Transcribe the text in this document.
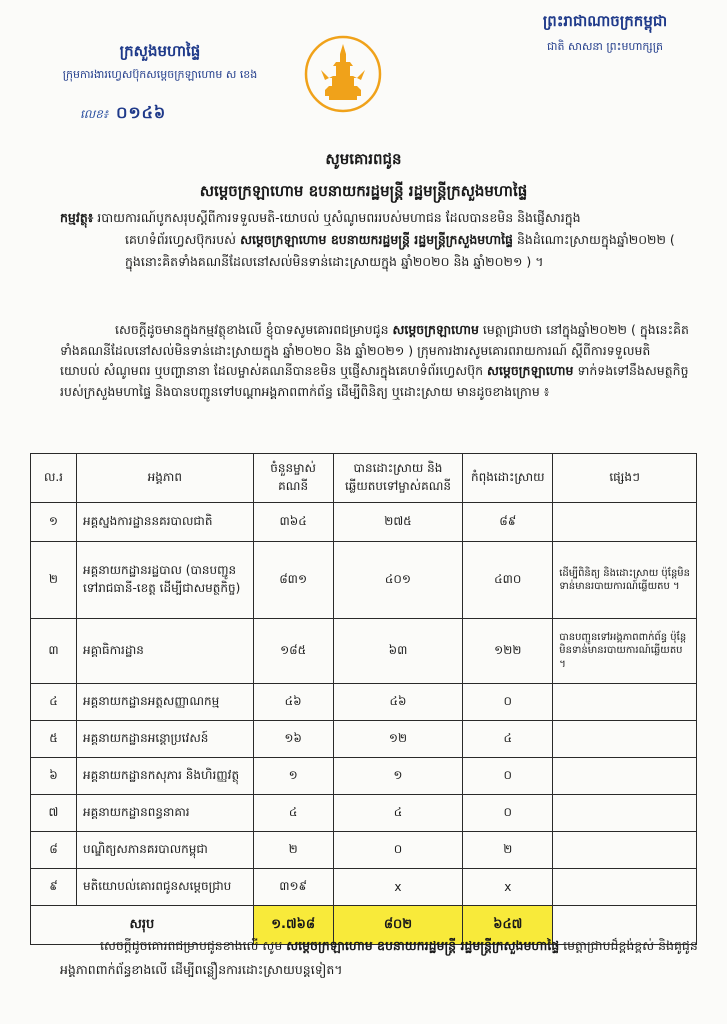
ក្រសួងមហាផ្ទៃ
ក្រុមការងារហ្វេសប៊ុកសម្តេចក្រឡាហោម ស ខេង
លេខ៖ ០១៤៦
ព្រះរាជាណាចក្រកម្ពុជា
ជាតិ សាសនា ព្រះមហាក្សត្រ
សូមគោរពជូន
សម្តេចក្រឡាហោម ឧបនាយករដ្ឋមន្ត្រី រដ្ឋមន្ត្រីក្រសួងមហាផ្ទៃ
កម្មវត្ថុ៖ របាយការណ៍បូកសរុបស្តីពីការទទួលមតិ-យោបល់ ឬសំណូមពររបស់មហាជន ដែលបានខមិន និងផ្ញើសារក្នុង
គេហទំព័រហ្វេសប៊ុករបស់ សម្តេចក្រឡាហោម ឧបនាយករដ្ឋមន្ត្រី រដ្ឋមន្ត្រីក្រសួងមហាផ្ទៃ និងដំណោះស្រាយក្នុងឆ្នាំ២០២២ ( ក្នុងនោះគិតទាំងគណនីដែលនៅសល់មិនទាន់ដោះស្រាយក្នុង ឆ្នាំ២០២០ និង ឆ្នាំ២០២១ ) ។
សេចក្តីដូចមានក្នុងកម្មវត្ថុខាងលើ ខ្ញុំបាទសូមគោរពជម្រាបជូន សម្តេចក្រឡាហោម មេត្តាជ្រាបថា នៅក្នុងឆ្នាំ២០២២ ( ក្នុងនេះគិតទាំងគណនីដែលនៅសល់មិនទាន់ដោះស្រាយក្នុង ឆ្នាំ២០២០ និង ឆ្នាំ២០២១ ) ក្រុមការងារសូមគោរពរាយការណ៍ ស្តីពីការទទួលមតិ យោបល់ សំណូមពរ ឬបញ្ហានានា ដែលម្ចាស់គណនីបានខមិន ឬផ្ញើសារក្នុងគេហទំព័រហ្វេសប៊ុក សម្តេចក្រឡាហោម ទាក់ទងទៅនឹងសមត្ថកិច្ចរបស់ក្រសួងមហាផ្ទៃ និងបានបញ្ជូនទៅបណ្តាអង្គភាពពាក់ព័ន្ធ ដើម្បីពិនិត្យ ឬដោះស្រាយ មានដូចខាងក្រោម ៖
ល.រ	អង្គភាព	ចំនួនម្ចាស់គណនី	បានដោះស្រាយ និងឆ្លើយតបទៅម្ចាស់គណនី	កំពុងដោះស្រាយ	ផ្សេងៗ
១	អគ្គស្នងការដ្ឋាននគរបាលជាតិ	៣៦៤	២៧៥	៨៩	
២	អគ្គនាយកដ្ឋានរដ្ឋបាល (បានបញ្ជូនទៅរាជធានី-ខេត្ត ដើម្បីជាសមត្ថកិច្ច)	៨៣១	៤០១	៤៣០	ដើម្បីពិនិត្យ និងដោះស្រាយ ប៉ុន្តែមិនទាន់មានរបាយការណ៍ឆ្លើយតប ។
៣	អគ្គាធិការដ្ឋាន	១៨៥	៦៣	១២២	បានបញ្ជូនទៅអង្គភាពពាក់ព័ន្ធ ប៉ុន្តែមិនទាន់មានរបាយការណ៍ឆ្លើយតប ។
៤	អគ្គនាយកដ្ឋានអត្តសញ្ញាណកម្ម	៤៦	៤៦	០	
៥	អគ្គនាយកដ្ឋានអន្តោប្រវេសន៍	១៦	១២	៤	
៦	អគ្គនាយកដ្ឋានកសុភារ និងហិរញ្ញវត្ថុ	១	១	០	
៧	អគ្គនាយកដ្ឋានពន្ធនាគារ	៤	៤	០	
៨	បណ្ឌិត្យសភានគរបាលកម្ពុជា	២	០	២	
៩	មតិយោបល់គោរពជូនសម្តេចជ្រាប	៣១៩	x	x	
សរុប		១.៧៦៨	៨០២	៦៤៧	
សេចក្តីដូចគោរពជម្រាបជូនខាងលើ សូម សម្តេចក្រឡាហោម ឧបនាយករដ្ឋមន្ត្រី រដ្ឋមន្ត្រីក្រសួងមហាផ្ទៃ មេត្តាជ្រាបដ៏ខ្ពង់ខ្ពស់ និងគូជូនអង្គភាពពាក់ព័ន្ធខាងលើ ដើម្បីពន្លឿនការដោះស្រាយបន្តទៀត។
